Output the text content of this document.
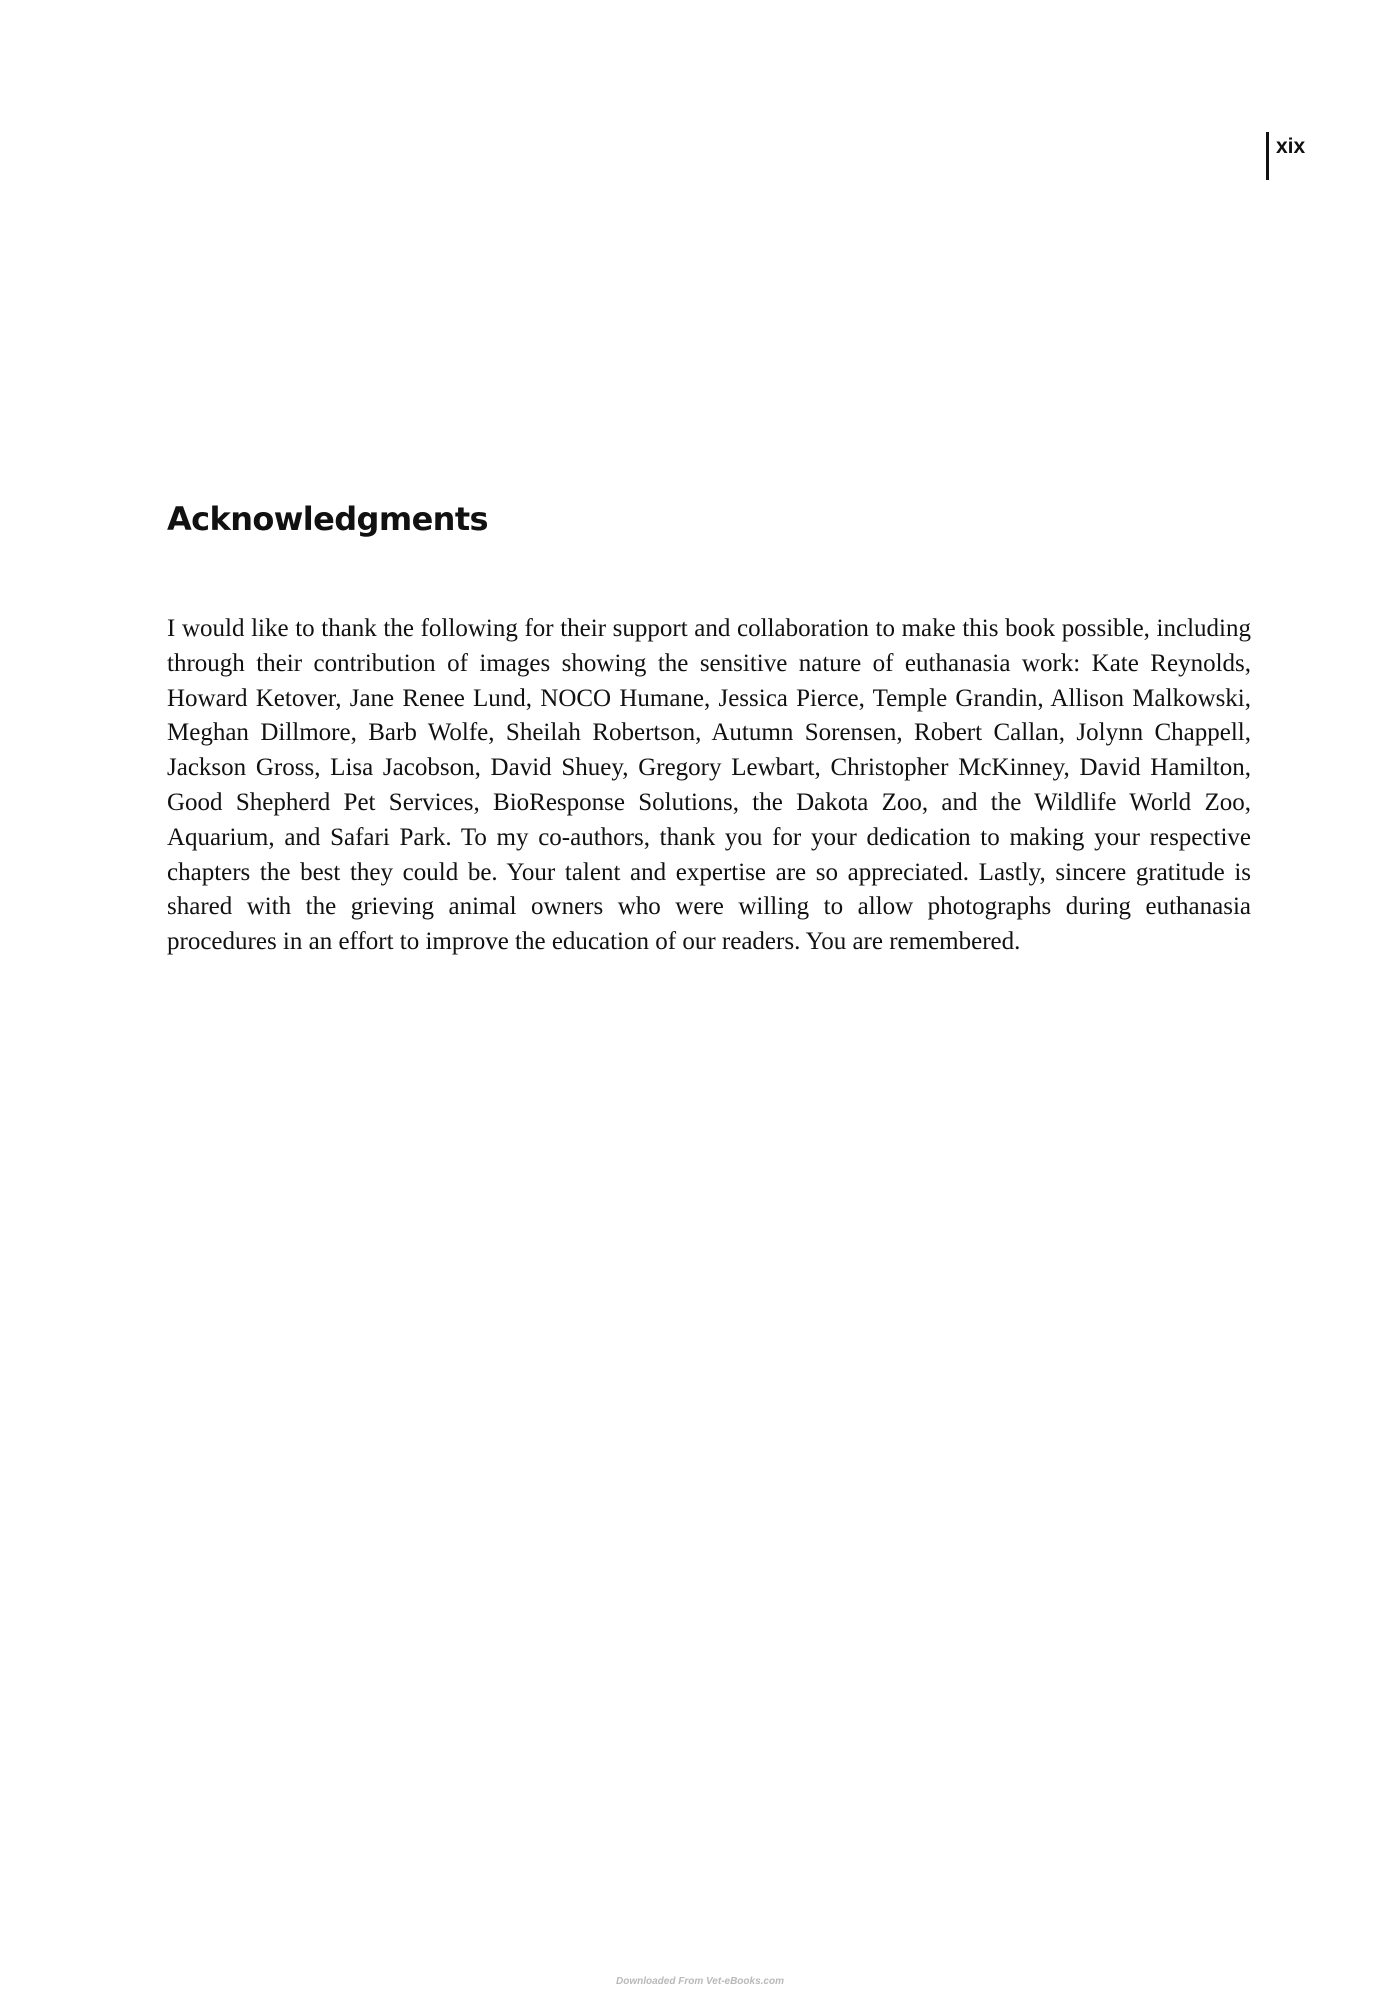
xix
Acknowledgments

I would like to thank the following for their support and collaboration to make this book possible, including through their contribution of images showing the sensitive nature of euthanasia work: Kate Reynolds, Howard Ketover, Jane Renee Lund, NOCO Humane, Jessica Pierce, Temple Grandin, Allison Malkowski, Meghan Dillmore, Barb Wolfe, Sheilah Robertson, Autumn Sorensen, Robert Callan, Jolynn Chappell, Jackson Gross, Lisa Jacobson, David Shuey, Gregory Lewbart, Christopher McKinney, David Hamilton, Good Shepherd Pet Services, BioResponse Solutions, the Dakota Zoo, and the Wildlife World Zoo, Aquarium, and Safari Park. To my co-authors, thank you for your dedication to making your respective chapters the best they could be. Your talent and expertise are so appreciated. Lastly, sincere gratitude is shared with the grieving animal owners who were willing to allow photographs during euthanasia procedures in an effort to improve the education of our readers. You are remembered.

Downloaded From Vet-eBooks.com
